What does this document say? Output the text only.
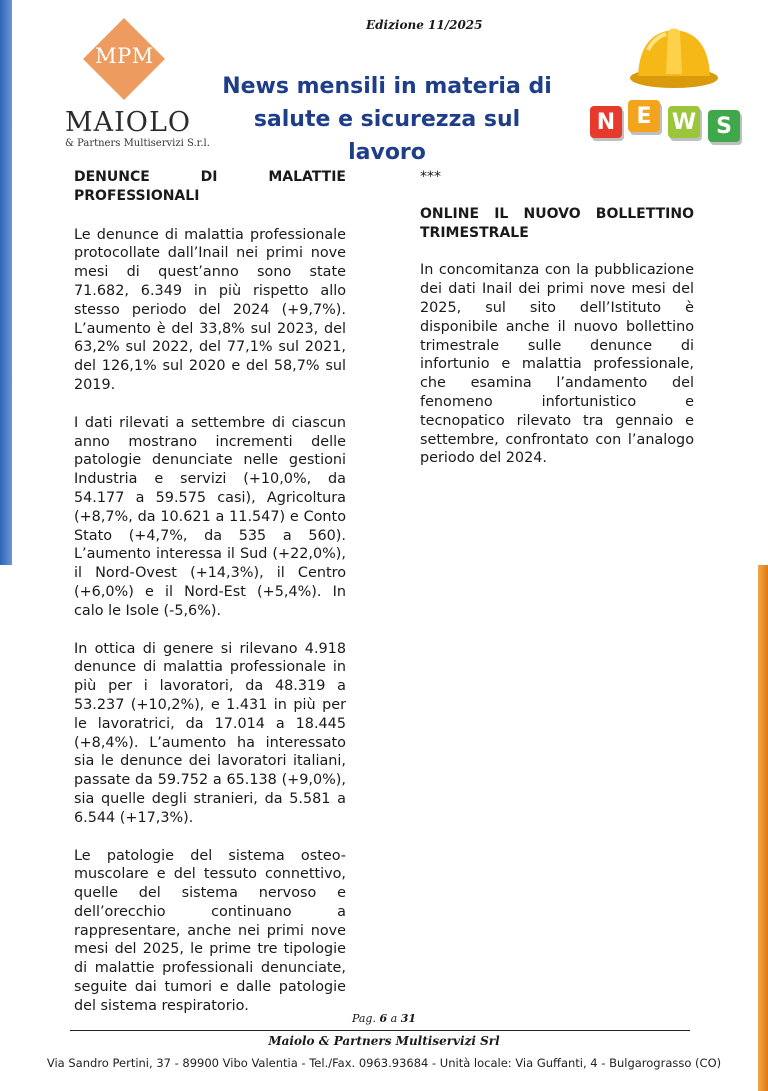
Edizione 11/2025
MPM
MAIOLO
& Partners Multiservizi S.r.l.
News mensili in materia di
salute e sicurezza sul lavoro
N E W S

DENUNCE DI MALATTIE PROFESSIONALI

Le denunce di malattia professionale protocollate dall’Inail nei primi nove mesi di quest’anno sono state 71.682, 6.349 in più rispetto allo stesso periodo del 2024 (+9,7%). L’aumento è del 33,8% sul 2023, del 63,2% sul 2022, del 77,1% sul 2021, del 126,1% sul 2020 e del 58,7% sul 2019.

I dati rilevati a settembre di ciascun anno mostrano incrementi delle patologie denunciate nelle gestioni Industria e servizi (+10,0%, da 54.177 a 59.575 casi), Agricoltura (+8,7%, da 10.621 a 11.547) e Conto Stato (+4,7%, da 535 a 560). L’aumento interessa il Sud (+22,0%), il Nord-Ovest (+14,3%), il Centro (+6,0%) e il Nord-Est (+5,4%). In calo le Isole (-5,6%).

In ottica di genere si rilevano 4.918 denunce di malattia professionale in più per i lavoratori, da 48.319 a 53.237 (+10,2%), e 1.431 in più per le lavoratrici, da 17.014 a 18.445 (+8,4%). L’aumento ha interessato sia le denunce dei lavoratori italiani, passate da 59.752 a 65.138 (+9,0%), sia quelle degli stranieri, da 5.581 a 6.544 (+17,3%).

Le patologie del sistema osteo-muscolare e del tessuto connettivo, quelle del sistema nervoso e dell’orecchio continuano a rappresentare, anche nei primi nove mesi del 2025, le prime tre tipologie di malattie professionali denunciate, seguite dai tumori e dalle patologie del sistema respiratorio.

***

ONLINE IL NUOVO BOLLETTINO TRIMESTRALE

In concomitanza con la pubblicazione dei dati Inail dei primi nove mesi del 2025, sul sito dell’Istituto è disponibile anche il nuovo bollettino trimestrale sulle denunce di infortunio e malattia professionale, che esamina l’andamento del fenomeno infortunistico e tecnopatico rilevato tra gennaio e settembre, confrontato con l’analogo periodo del 2024.

Pag. 6 a 31
Maiolo & Partners Multiservizi Srl
Via Sandro Pertini, 37 - 89900 Vibo Valentia - Tel./Fax. 0963.93684 - Unità locale: Via Guffanti, 4 - Bulgarograsso (CO)
